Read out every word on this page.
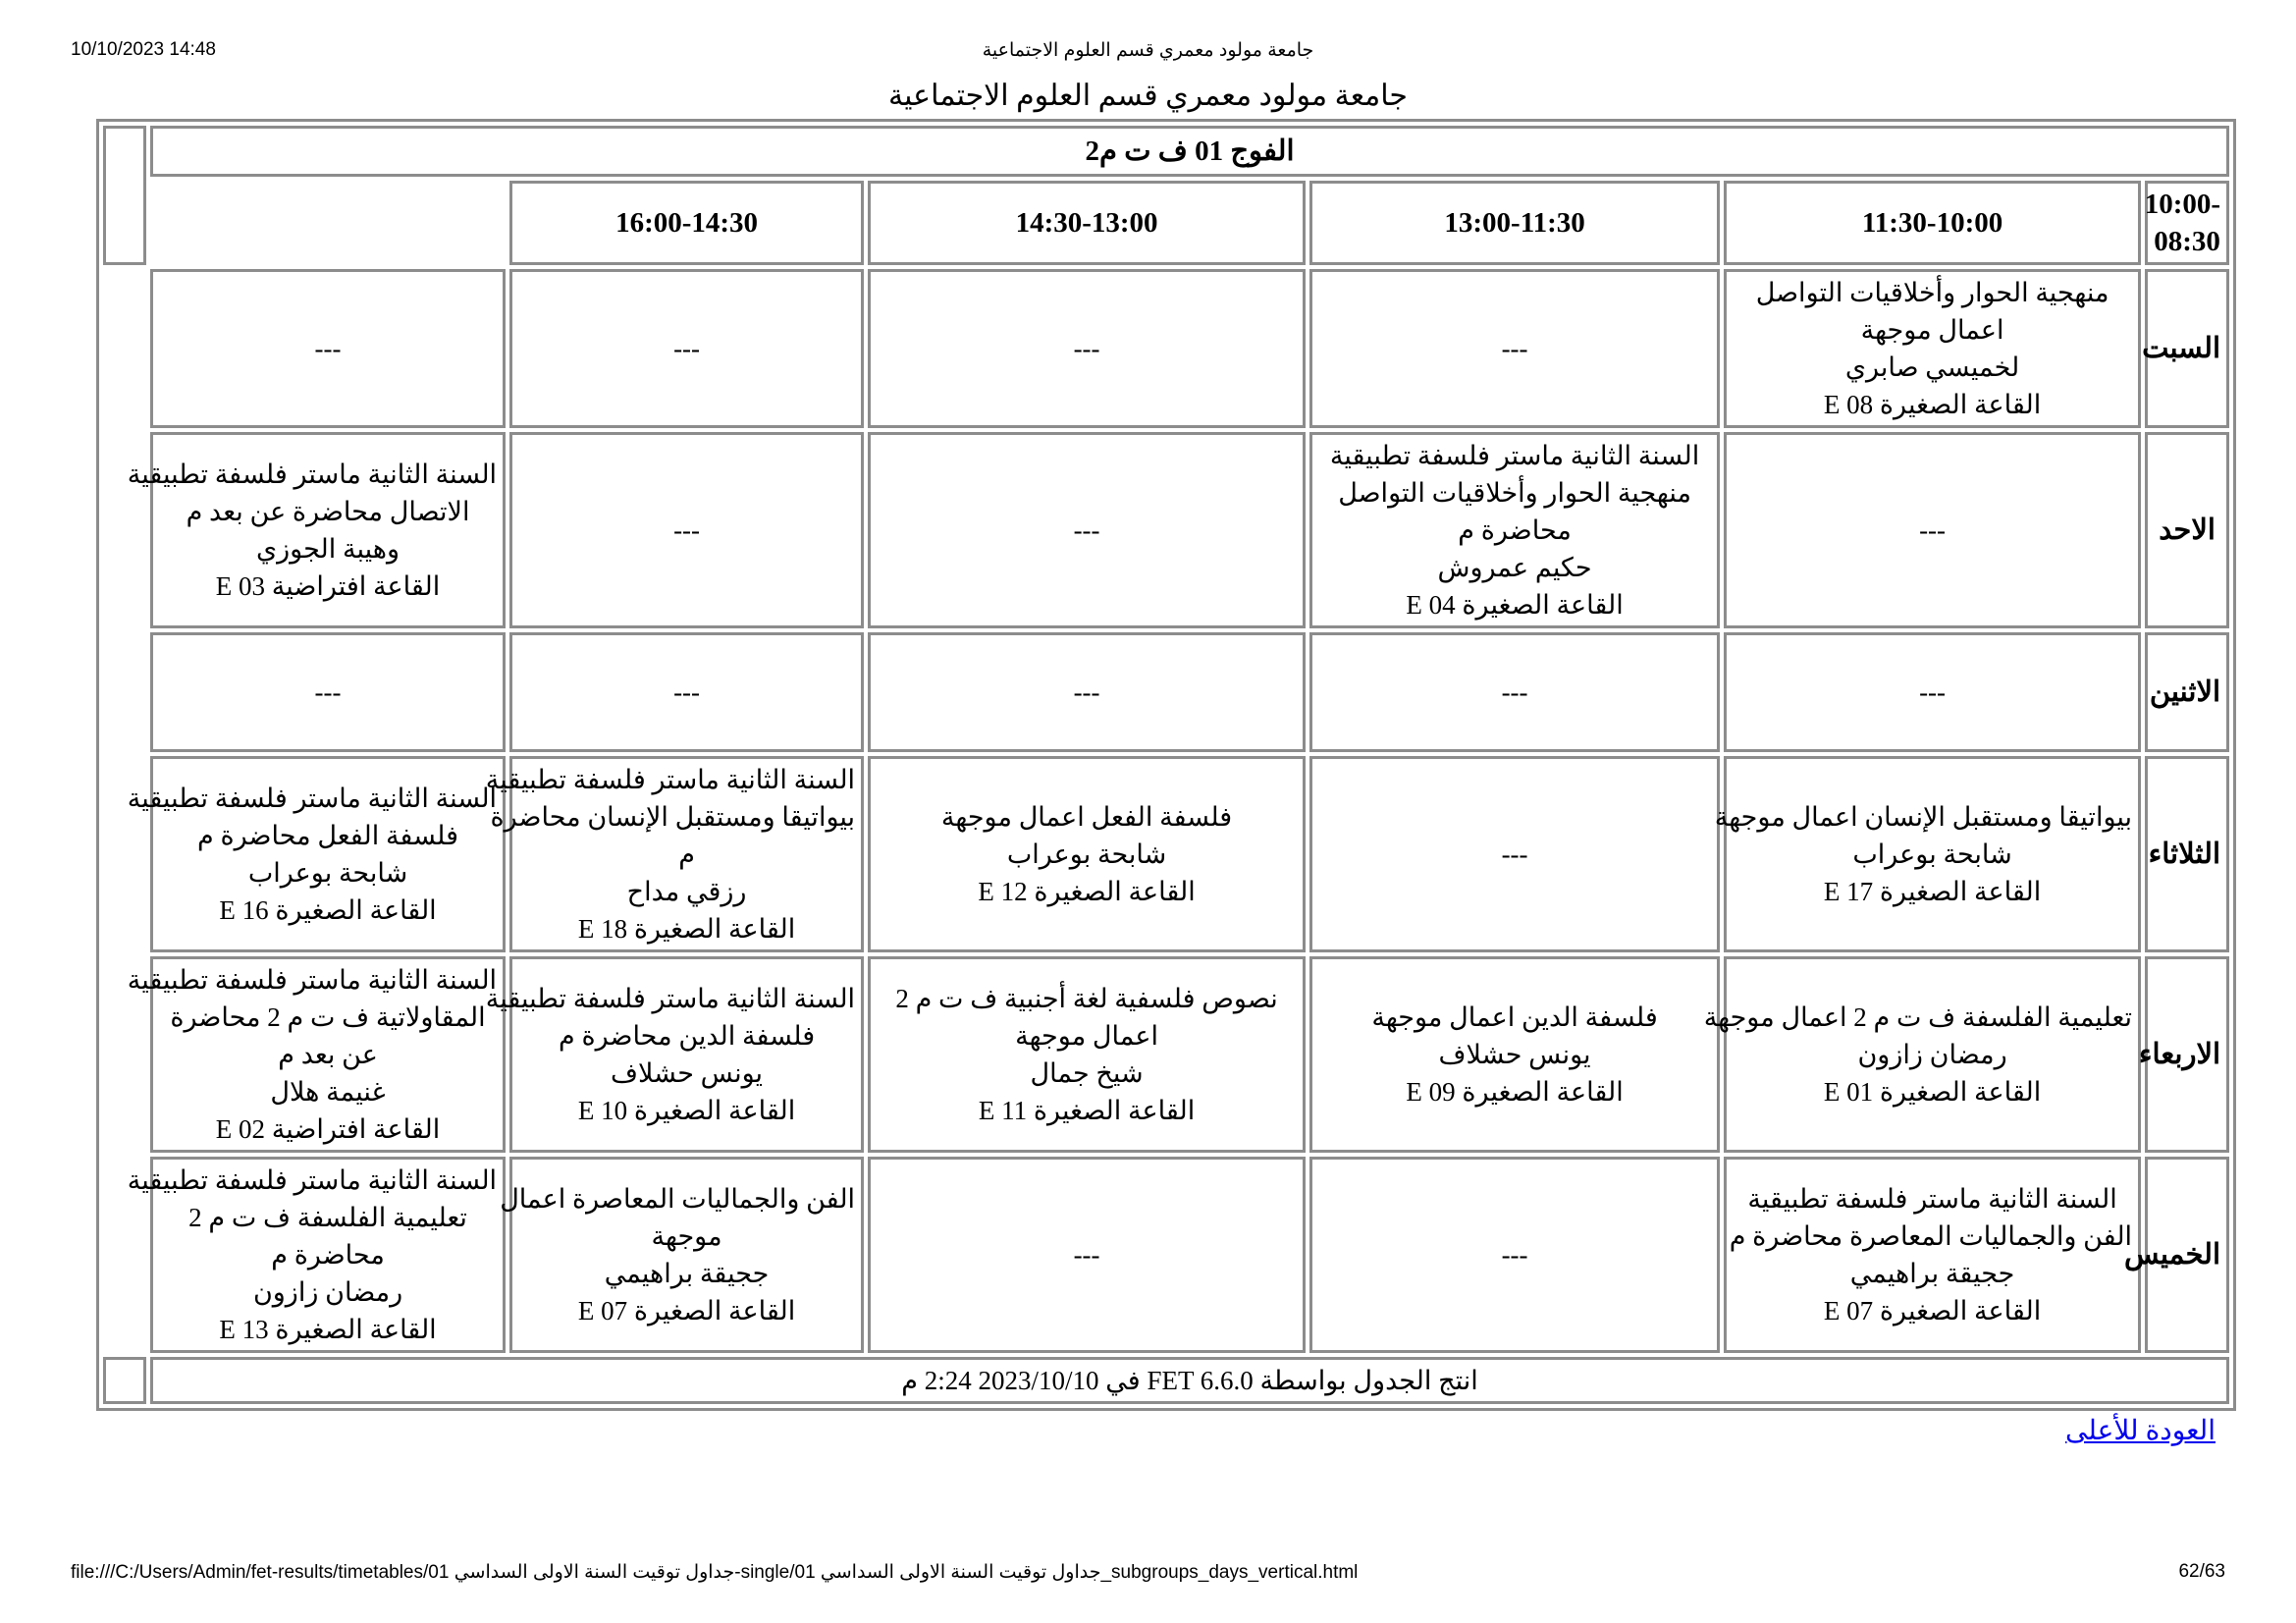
10/10/2023 14:48	جامعة مولود معمري قسم العلوم الاجتماعية
جامعة مولود معمري قسم العلوم الاجتماعية
الفوج 01 ف ت م2						
10:00-08:30	11:30-10:00	13:00-11:30	14:30-13:00	16:00-14:30		
السبت	منهجية الحوار وأخلاقيات التواصل
اعمال موجهة
لخميسي صابري
القاعة الصغيرة E 08	---	---	---	---	

الاحد	---	السنة الثانية ماستر فلسفة تطبيقية
منهجية الحوار وأخلاقيات التواصل
محاضرة م
حكيم عمروش
القاعة الصغيرة E 04	---	---	السنة الثانية ماستر فلسفة تطبيقية
الاتصال محاضرة عن بعد م
وهيبة الجوزي
القاعة افتراضية E 03	

الاثنين	---	---	---	---	---	

الثلاثاء	بيواتيقا ومستقبل الإنسان اعمال موجهة
شابحة بوعراب
القاعة الصغيرة E 17	---	فلسفة الفعل اعمال موجهة
شابحة بوعراب
القاعة الصغيرة E 12	السنة الثانية ماستر فلسفة تطبيقية
بيواتيقا ومستقبل الإنسان محاضرة
م
رزقي مداح
القاعة الصغيرة E 18	السنة الثانية ماستر فلسفة تطبيقية
فلسفة الفعل محاضرة م
شابحة بوعراب
القاعة الصغيرة E 16	

الاربعاء	تعليمية الفلسفة ف ت م 2 اعمال موجهة
رمضان زازون
القاعة الصغيرة E 01	فلسفة الدين اعمال موجهة
يونس حشلاف
القاعة الصغيرة E 09	نصوص فلسفية لغة أجنبية ف ت م 2
اعمال موجهة
شيخ جمال
القاعة الصغيرة E 11	السنة الثانية ماستر فلسفة تطبيقية
فلسفة الدين محاضرة م
يونس حشلاف
القاعة الصغيرة E 10	السنة الثانية ماستر فلسفة تطبيقية
المقاولاتية ف ت م 2 محاضرة
عن بعد م
غنيمة هلال
القاعة افتراضية E 02	

الخميس	السنة الثانية ماستر فلسفة تطبيقية
الفن والجماليات المعاصرة محاضرة م
ججيقة براهيمي
القاعة الصغيرة E 07	---	---	الفن والجماليات المعاصرة اعمال
موجهة
ججيقة براهيمي
القاعة الصغيرة E 07	السنة الثانية ماستر فلسفة تطبيقية
تعليمية الفلسفة ف ت م 2
محاضرة م
رمضان زازون
القاعة الصغيرة E 13	

انتج الجدول بواسطة FET 6.6.0 في 2023/10/10 2:24 م						
العودة للأعلى
file:///C:/Users/Admin/fet-results/timetables/01 جداول توقيت السنة الاولى السداسي-single/01 جداول توقيت السنة الاولى السداسي_subgroups_days_vertical.html	62/63
